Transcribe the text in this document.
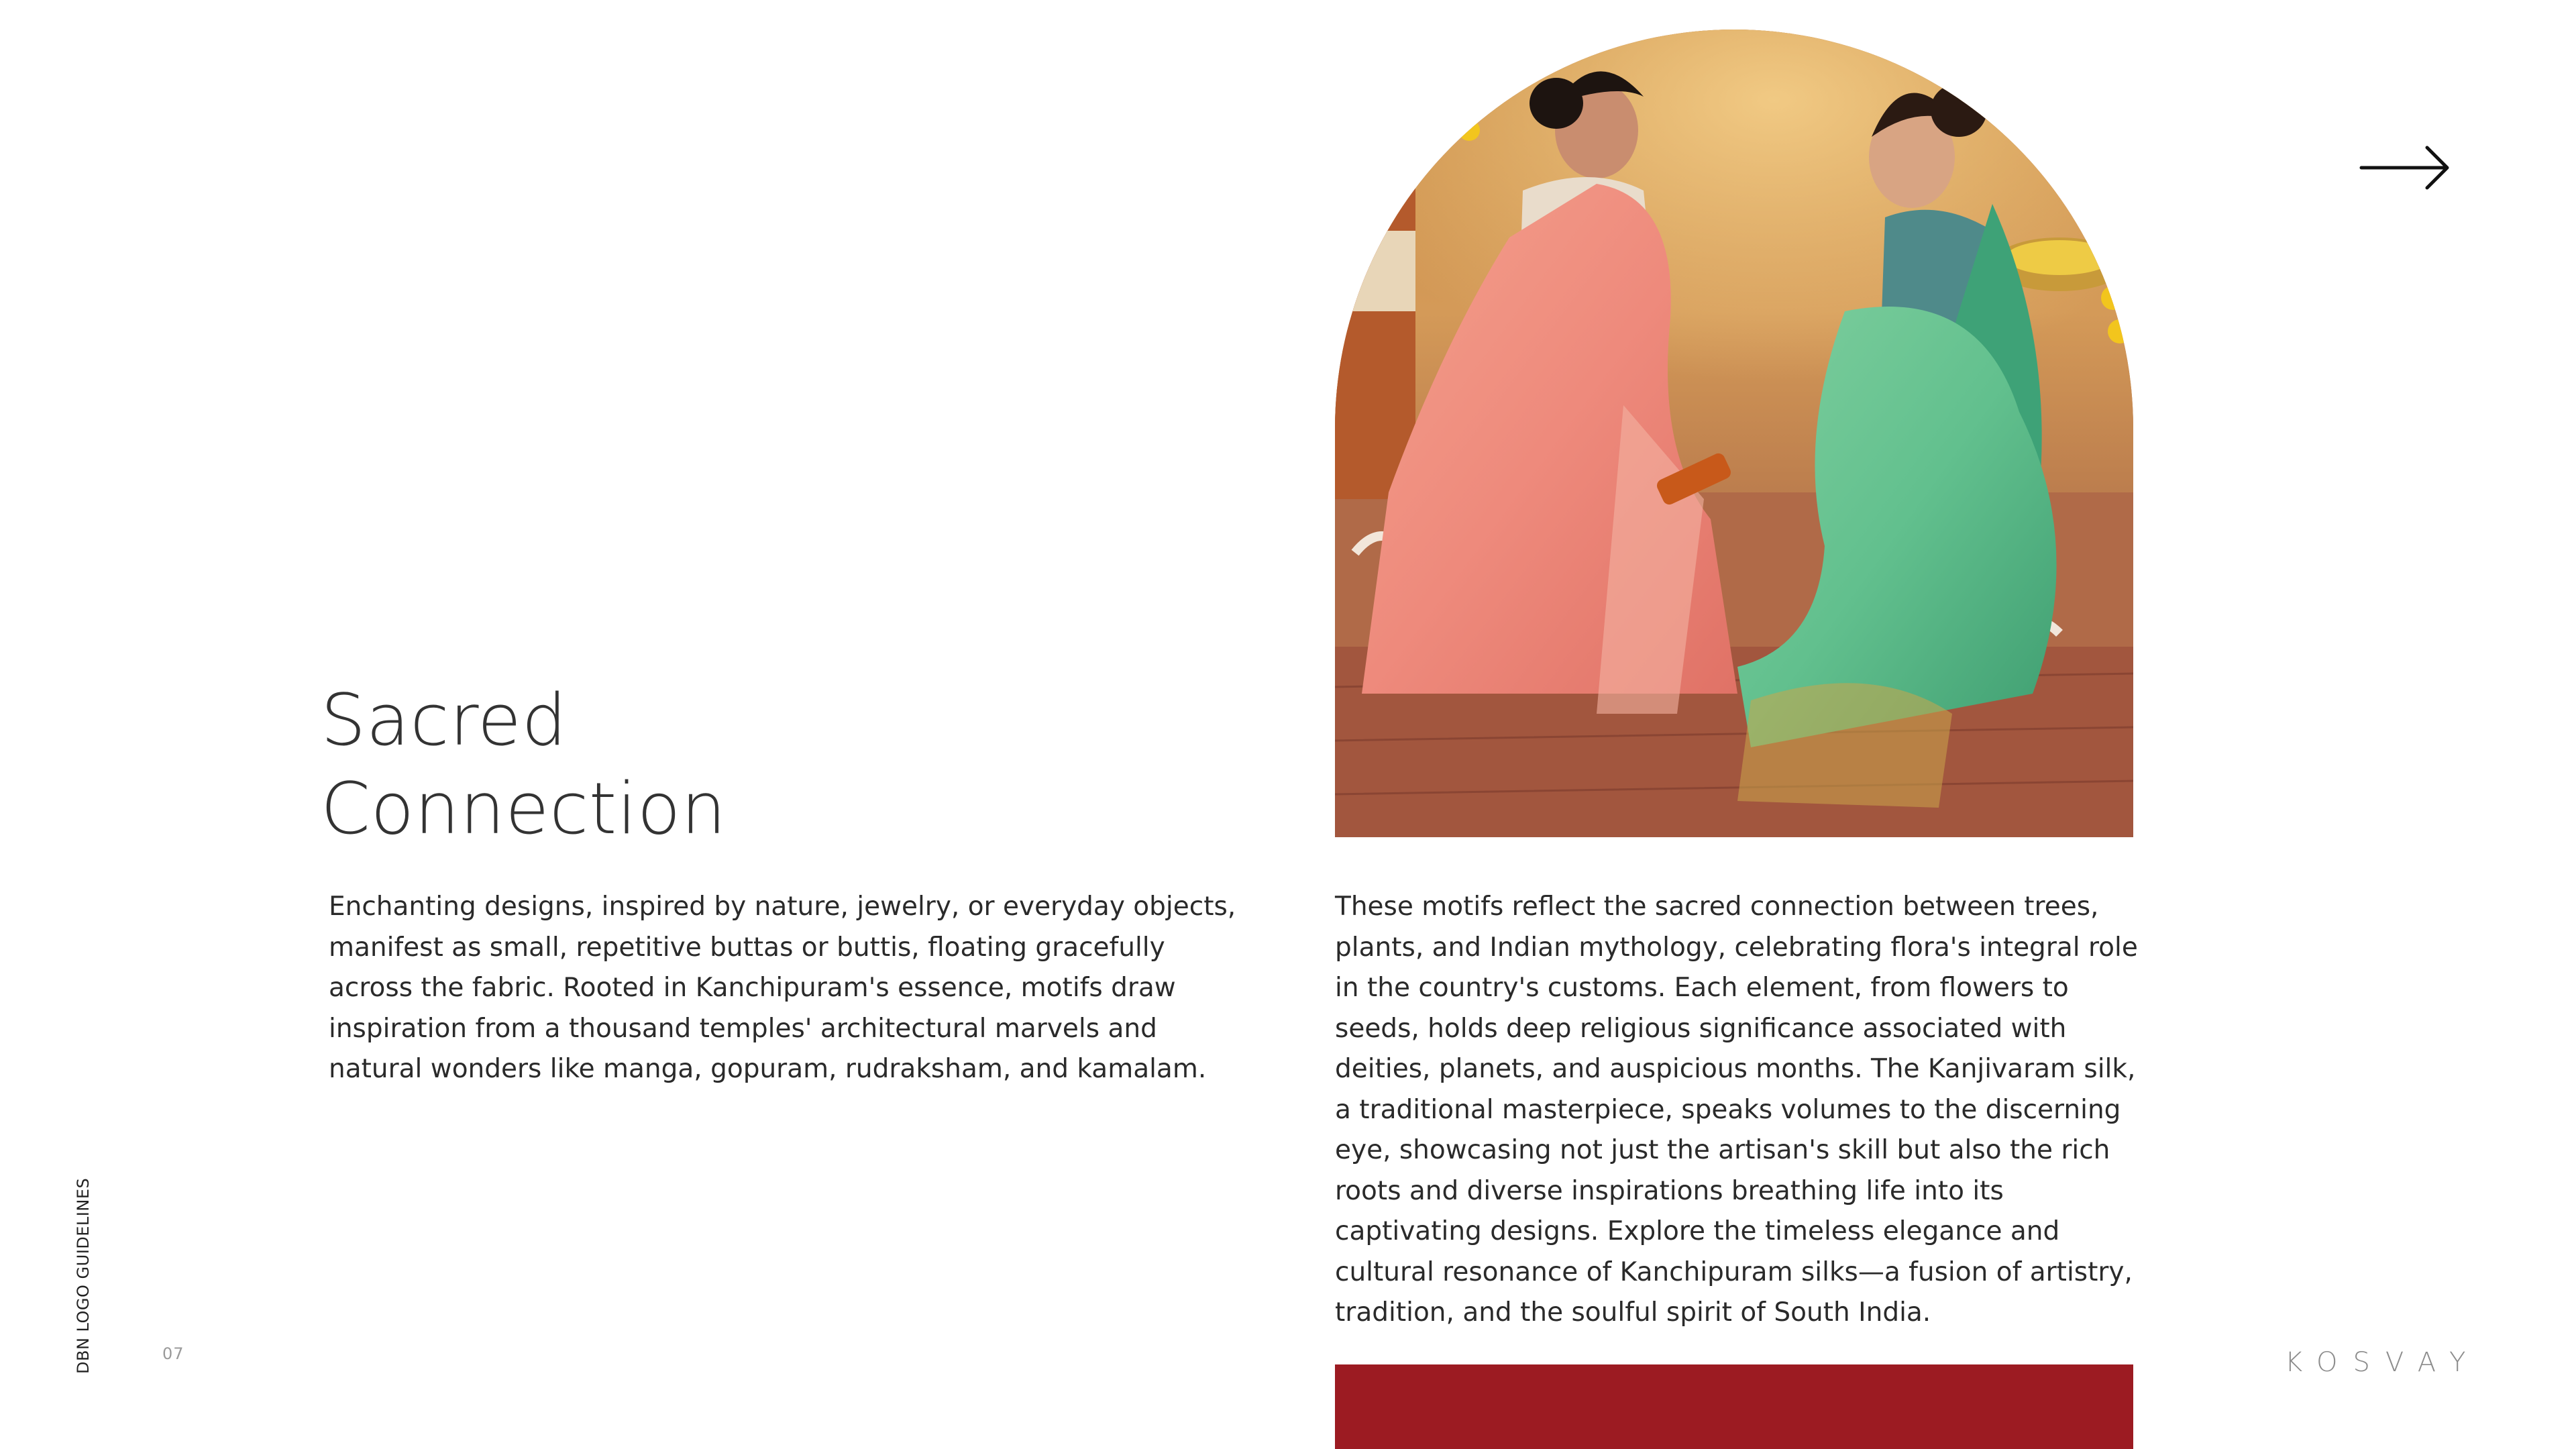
Sacred
Connection

Enchanting designs, inspired by nature, jewelry, or everyday objects, manifest as small, repetitive buttas or buttis, floating gracefully across the fabric. Rooted in Kanchipuram's essence, motifs draw inspiration from a thousand temples' architectural marvels and natural wonders like manga, gopuram, rudraksham, and kamalam.

These motifs reflect the sacred connection between trees, plants, and Indian mythology, celebrating flora's integral role in the country's customs. Each element, from flowers to seeds, holds deep religious significance associated with deities, planets, and auspicious months. The Kanjivaram silk, a traditional masterpiece, speaks volumes to the discerning eye, showcasing not just the artisan's skill but also the rich roots and diverse inspirations breathing life into its captivating designs. Explore the timeless elegance and cultural resonance of Kanchipuram silks—a fusion of artistry, tradition, and the soulful spirit of South India.

DBN LOGO GUIDELINES	07	KOSVAY
